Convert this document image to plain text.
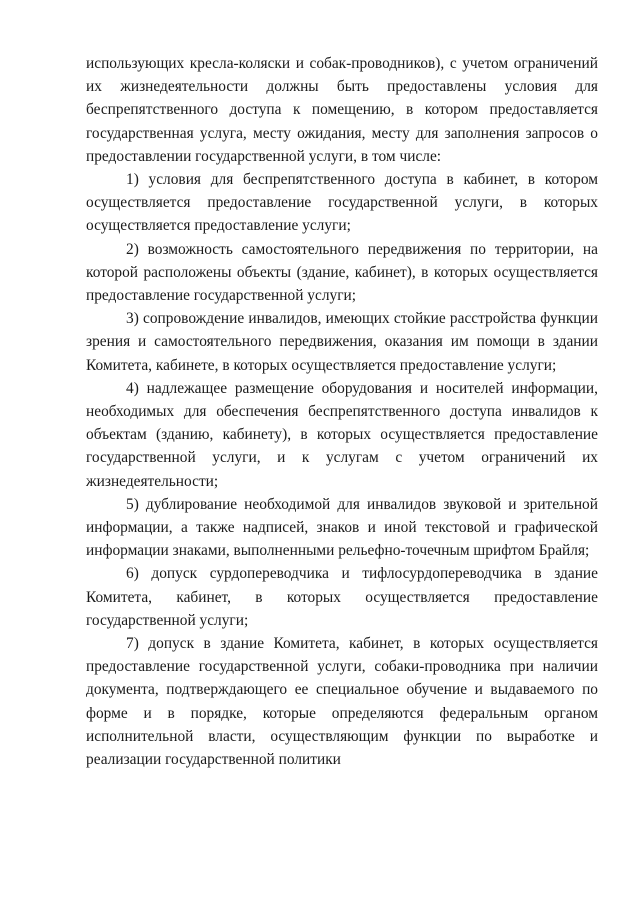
использующих кресла-коляски и собак-проводников), с учетом ограничений их жизнедеятельности должны быть предоставлены условия для беспрепятственного доступа к помещению, в котором предоставляется государственная услуга, месту ожидания, месту для заполнения запросов о предоставлении государственной услуги, в том числе:

1) условия для беспрепятственного доступа в кабинет, в котором осуществляется предоставление государственной услуги, в которых осуществляется предоставление услуги;

2) возможность самостоятельного передвижения по территории, на которой расположены объекты (здание, кабинет), в которых осуществляется предоставление государственной услуги;

3) сопровождение инвалидов, имеющих стойкие расстройства функции зрения и самостоятельного передвижения, оказания им помощи в здании Комитета, кабинете, в которых осуществляется предоставление услуги;

4) надлежащее размещение оборудования и носителей информации, необходимых для обеспечения беспрепятственного доступа инвалидов к объектам (зданию, кабинету), в которых осуществляется предоставление государственной услуги, и к услугам с учетом ограничений их жизнедеятельности;

5) дублирование необходимой для инвалидов звуковой и зрительной информации, а также надписей, знаков и иной текстовой и графической информации знаками, выполненными рельефно-точечным шрифтом Брайля;

6) допуск сурдопереводчика и тифлосурдопереводчика в здание Комитета, кабинет, в которых осуществляется предоставление государственной услуги;

7) допуск в здание Комитета, кабинет, в которых осуществляется предоставление государственной услуги, собаки-проводника при наличии документа, подтверждающего ее специальное обучение и выдаваемого по форме и в порядке, которые определяются федеральным органом исполнительной власти, осуществляющим функции по выработке и реализации государственной политики
